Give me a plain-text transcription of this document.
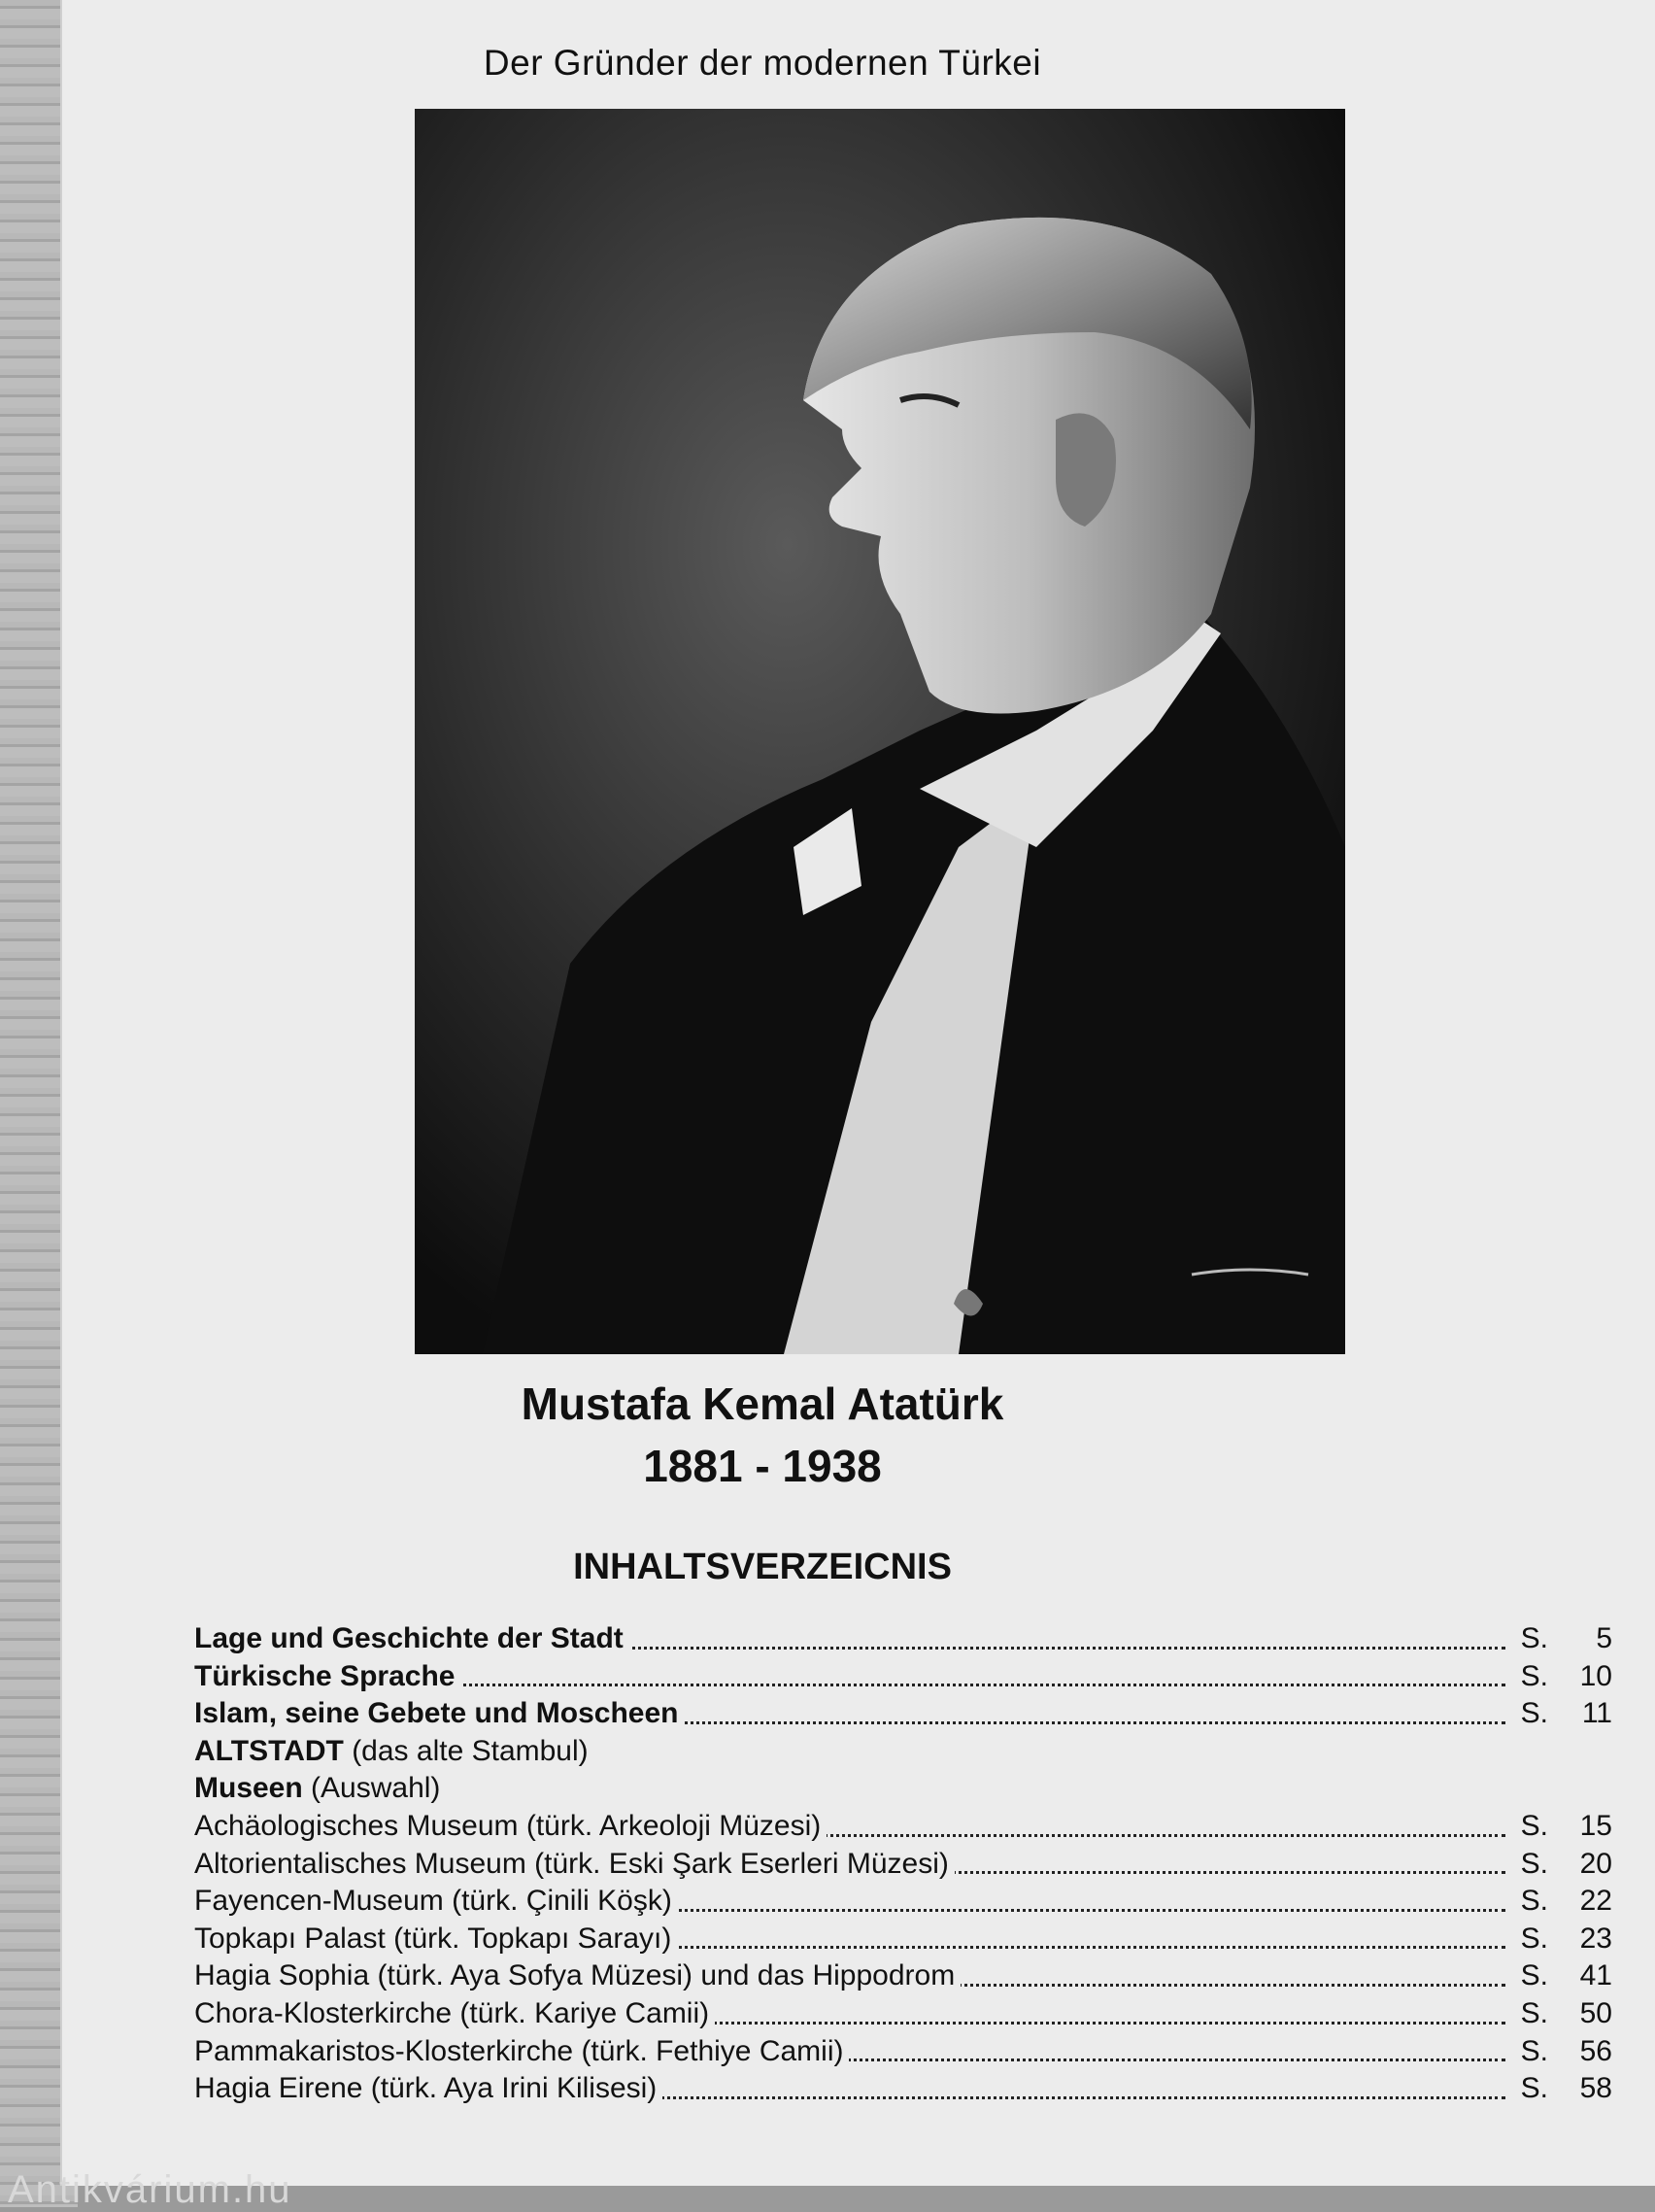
Der Gründer der modernen Türkei
Mustafa Kemal Atatürk
1881 - 1938
INHALTSVERZEICNIS
Lage und Geschichte der Stadt	S.	5
Türkische Sprache	S.	10
Islam, seine Gebete und Moscheen	S.	11
ALTSTADT (das alte Stambul)
Museen (Auswahl)
Achäologisches Museum (türk. Arkeoloji Müzesi)	S.	15
Altorientalisches Museum (türk. Eski Şark Eserleri Müzesi)	S.	20
Fayencen-Museum (türk. Çinili Köşk)	S.	22
Topkapı Palast (türk. Topkapı Sarayı)	S.	23
Hagia Sophia (türk. Aya Sofya Müzesi) und das Hippodrom	S.	41
Chora-Klosterkirche (türk. Kariye Camii)	S.	50
Pammakaristos-Klosterkirche (türk. Fethiye Camii)	S.	56
Hagia Eirene (türk. Aya Irini Kilisesi)	S.	58
Antikvárium.hu
